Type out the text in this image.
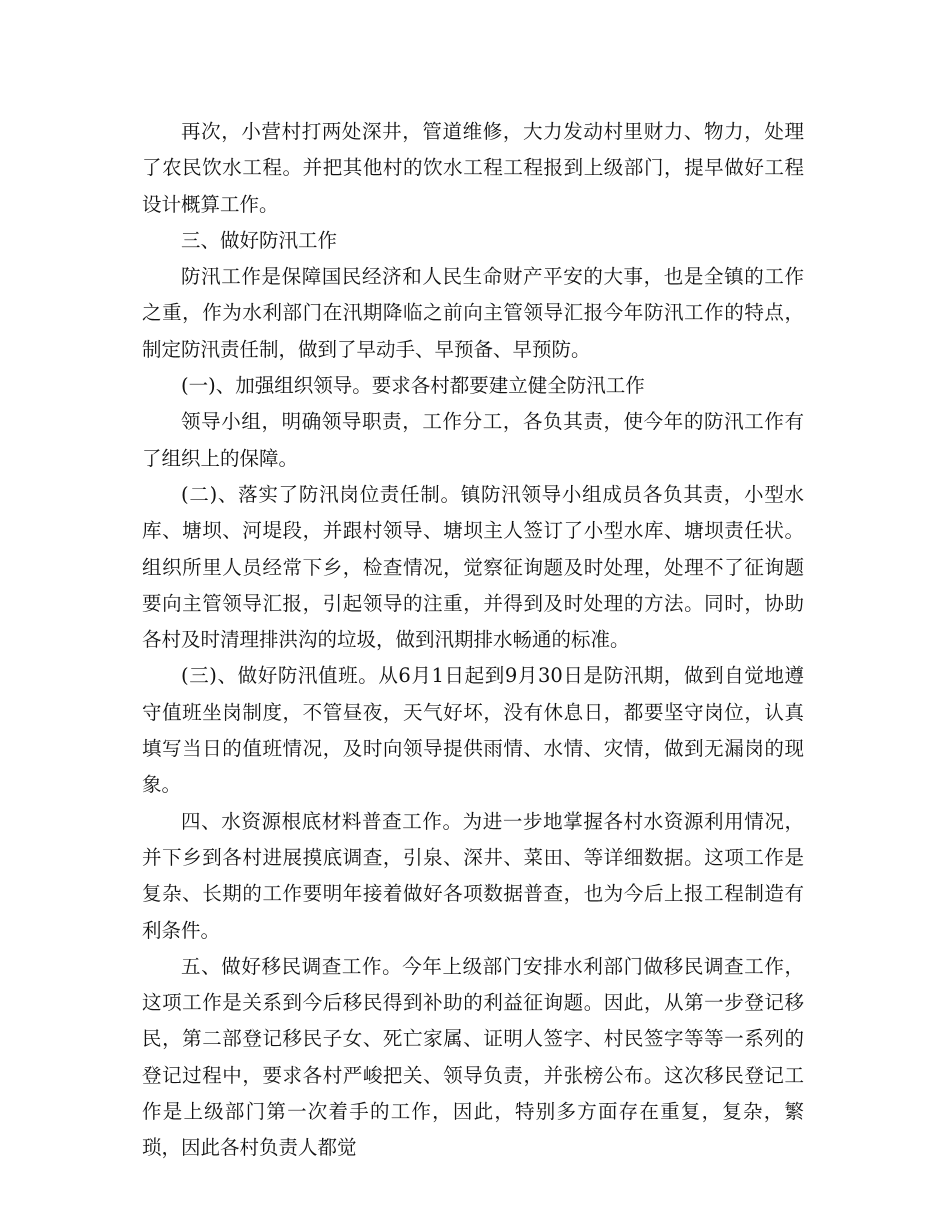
再次，小营村打两处深井，管道维修，大力发动村里财力、物力，处理了农民饮水工程。并把其他村的饮水工程工程报到上级部门，提早做好工程设计概算工作。

三、做好防汛工作

防汛工作是保障国民经济和人民生命财产平安的大事，也是全镇的工作之重，作为水利部门在汛期降临之前向主管领导汇报今年防汛工作的特点，制定防汛责任制，做到了早动手、早预备、早预防。

(一)、加强组织领导。要求各村都要建立健全防汛工作

领导小组，明确领导职责，工作分工，各负其责，使今年的防汛工作有了组织上的保障。

(二)、落实了防汛岗位责任制。镇防汛领导小组成员各负其责，小型水库、塘坝、河堤段，并跟村领导、塘坝主人签订了小型水库、塘坝责任状。组织所里人员经常下乡，检查情况，觉察征询题及时处理，处理不了征询题要向主管领导汇报，引起领导的注重，并得到及时处理的方法。同时，协助各村及时清理排洪沟的垃圾，做到汛期排水畅通的标准。

(三)、做好防汛值班。从6月1日起到9月30日是防汛期，做到自觉地遵守值班坐岗制度，不管昼夜，天气好坏，没有休息日，都要坚守岗位，认真填写当日的值班情况，及时向领导提供雨情、水情、灾情，做到无漏岗的现象。

四、水资源根底材料普查工作。为进一步地掌握各村水资源利用情况，并下乡到各村进展摸底调查，引泉、深井、菜田、等详细数据。这项工作是复杂、长期的工作要明年接着做好各项数据普查，也为今后上报工程制造有利条件。

五、做好移民调查工作。今年上级部门安排水利部门做移民调查工作，这项工作是关系到今后移民得到补助的利益征询题。因此，从第一步登记移民，第二部登记移民子女、死亡家属、证明人签字、村民签字等等一系列的登记过程中，要求各村严峻把关、领导负责，并张榜公布。这次移民登记工作是上级部门第一次着手的工作，因此，特别多方面存在重复，复杂，繁琐，因此各村负责人都觉
